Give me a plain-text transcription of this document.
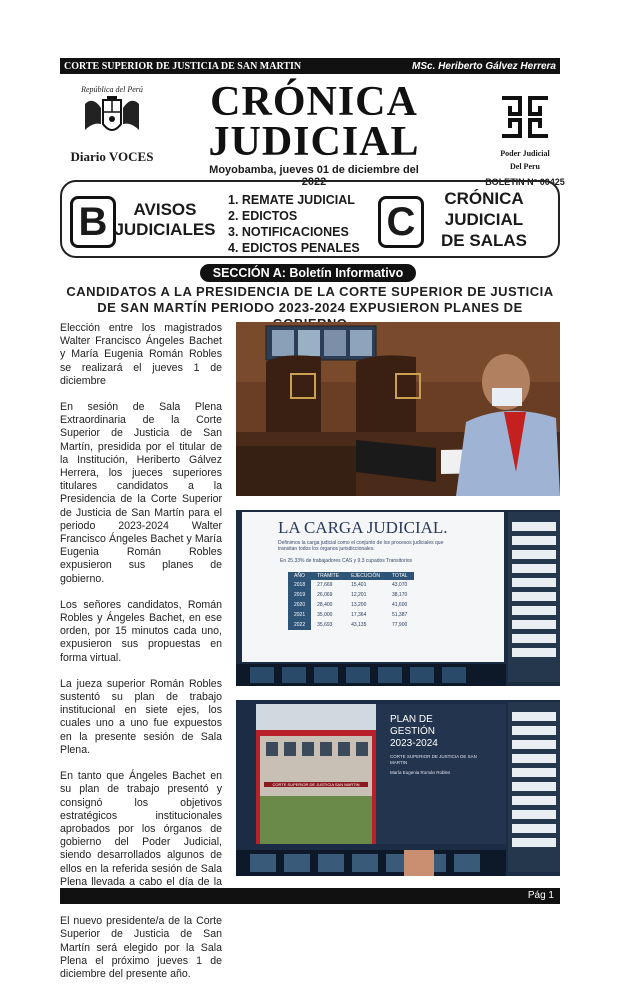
CORTE SUPERIOR DE JUSTICIA DE SAN MARTIN	MSc. Heriberto Gálvez Herrera
República del Perú
Diario VOCES
CRÓNICA
JUDICIAL
Moyobamba, jueves 01 de diciembre del 2022
Poder Judicial
Del Peru
BOLETIN N° 00425
B	AVISOS
JUDICIALES
1. REMATE JUDICIAL
2. EDICTOS
3. NOTIFICACIONES
4. EDICTOS PENALES
C
CRÓNICA
JUDICIAL
DE SALAS
SECCIÓN A: Boletín Informativo
CANDIDATOS A LA PRESIDENCIA DE LA CORTE SUPERIOR DE JUSTICIA
DE SAN MARTÍN PERIODO 2023-2024 EXPUSIERON PLANES DE

Elección entre los magistrados Walter Francisco Ángeles Bachet y María Eugenia Román Robles se realizará el jueves 1 de diciembre

En sesión de Sala Plena Extraordinaria de la Corte Superior de Justicia de San Martín, presidida por el titular de la Institución, Heriberto Gálvez Herrera, los jueces superiores titulares candidatos a la Presidencia de la Corte Superior de Justicia de San Martín para el periodo 2023-2024 Walter Francisco Ángeles Bachet y María Eugenia Román Robles expusieron sus planes de gobierno.

Los señores candidatos, Román Robles y Ángeles Bachet, en ese orden, por 15 minutos cada uno, expusieron sus propuestas en forma virtual.

La jueza superior Román Robles sustentó su plan de trabajo institucional en siete ejes, los cuales uno a uno fue expuestos en la presente sesión de Sala Plena.

En tanto que Ángeles Bachet en su plan de trabajo presentó y consignó los objetivos estratégicos institucionales aprobados por los órganos de gobierno del Poder Judicial, siendo desarrollados algunos de ellos en la referida sesión de Sala Plena llevada a cabo el día de la

El nuevo presidente/a de la Corte Superior de Justicia de San Martín será elegido por la Sala Plena el próximo jueves 1 de diciembre del presente año.

LA CARGA JUDICIAL.
Definimos la carga judicial como el conjunto de los procesos judiciales que transitan todos los órganos jurisdiccionales.
En 25.33% de trabajadores CAS y 9.3 cupados Transitorios
AÑO	TRAMITE	EJECUCIÓN	TOTAL
2018	27,669	15,401	43,070
2019	26,069	12,201	38,170
2020	28,400	13,200	41,600
2021	35,000	17,364	51,387
2022	35,693	43,135	77,900
PLAN DE
GESTIÓN
2023-2024
CORTE SUPERIOR DE JUSTICIA DE SAN MARTIN
María Eugenia Román Robles
CORTE SUPERIOR DE JUSTICIA SAN MARTIN
Pág 1
